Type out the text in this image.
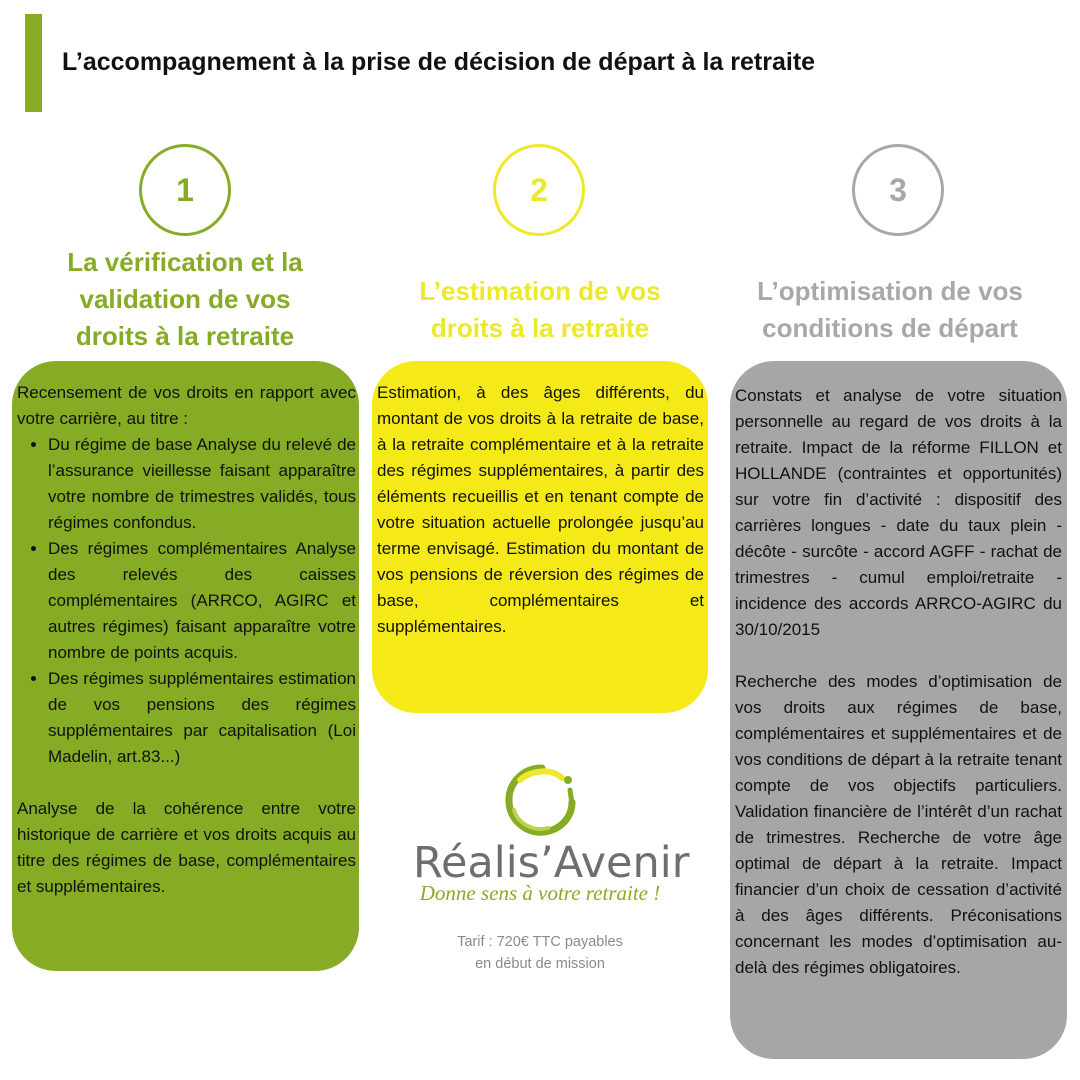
L’accompagnement à la prise de décision de départ à la retraite
1	2	3
La vérification et la
validation de vos
droits à la retraite
L’estimation de vos
droits à la retraite
L’optimisation de vos
conditions de départ

Recensement de vos droits en rapport avec votre carrière, au titre :

• Du régime de base Analyse du relevé de l’assurance vieillesse faisant apparaître votre nombre de trimestres validés, tous régimes confondus.
• Des régimes complémentaires Analyse des relevés des caisses complémentaires (ARRCO, AGIRC et autres régimes) faisant apparaître votre nombre de points acquis.
• Des régimes supplémentaires estimation de vos pensions des régimes supplémentaires par capitalisation (Loi Madelin, art.83...)

Analyse de la cohérence entre votre historique de carrière et vos droits acquis au titre des régimes de base, complémentaires et supplémentaires.

Estimation, à des âges différents, du montant de vos droits à la retraite de base, à la retraite complémentaire et à la retraite des régimes supplémentaires, à partir des éléments recueillis et en tenant compte de votre situation actuelle prolongée jusqu’au terme envisagé. Estimation du montant de vos pensions de réversion des régimes de base, complémentaires et supplémentaires.

Constats et analyse de votre situation personnelle au regard de vos droits à la retraite. Impact de la réforme FILLON et HOLLANDE (contraintes et opportunités) sur votre fin d’activité : dispositif des carrières longues - date du taux plein - décôte - surcôte - accord AGFF - rachat de trimestres - cumul emploi/retraite - incidence des accords ARRCO-AGIRC du 30/10/2015

Recherche des modes d’optimisation de vos droits aux régimes de base, complémentaires et supplémentaires et de vos conditions de départ à la retraite tenant compte de vos objectifs particuliers. Validation financière de l’intérêt d’un rachat de trimestres. Recherche de votre âge optimal de départ à la retraite. Impact financier d’un choix de cessation d’activité à des âges différents. Préconisations concernant les modes d’optimisation au-delà des régimes obligatoires.

Réalis’Avenir
Donne sens à votre retraite !
Tarif : 720€ TTC payables
en début de mission
